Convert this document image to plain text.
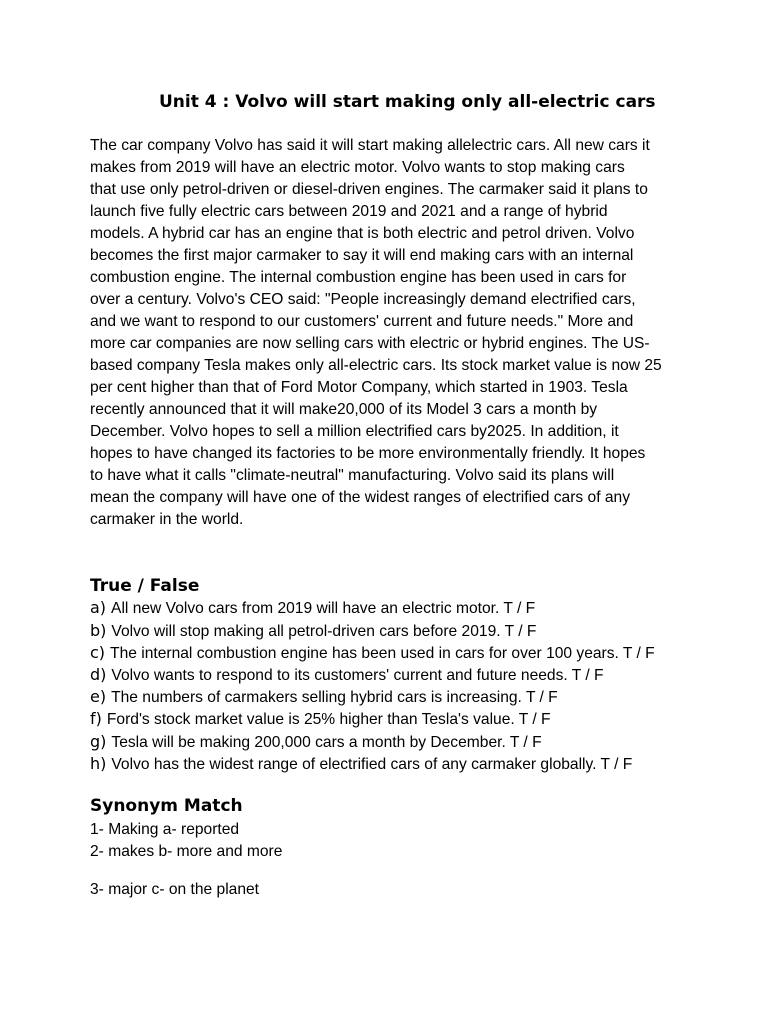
Unit 4 : Volvo will start making only all-electric cars

The car company Volvo has said it will start making allelectric cars. All new cars it

makes from 2019 will have an electric motor. Volvo wants to stop making cars

that use only petrol-driven or diesel-driven engines. The carmaker said it plans to

launch five fully electric cars between 2019 and 2021 and a range of hybrid

models. A hybrid car has an engine that is both electric and petrol driven. Volvo

becomes the first major carmaker to say it will end making cars with an internal

combustion engine. The internal combustion engine has been used in cars for

over a century. Volvo's CEO said: "People increasingly demand electrified cars,

and we want to respond to our customers' current and future needs." More and

more car companies are now selling cars with electric or hybrid engines. The US-

based company Tesla makes only all-electric cars. Its stock market value is now 25

per cent higher than that of Ford Motor Company, which started in 1903. Tesla

recently announced that it will make20,000 of its Model 3 cars a month by

December. Volvo hopes to sell a million electrified cars by2025. In addition, it

hopes to have changed its factories to be more environmentally friendly. It hopes

to have what it calls "climate-neutral" manufacturing. Volvo said its plans will

mean the company will have one of the widest ranges of electrified cars of any

carmaker in the world.

True / False
a) All new Volvo cars from 2019 will have an electric motor. T / F
b) Volvo will stop making all petrol-driven cars before 2019. T / F
c) The internal combustion engine has been used in cars for over 100 years. T / F
d) Volvo wants to respond to its customers' current and future needs. T / F
e) The numbers of carmakers selling hybrid cars is increasing. T / F
f) Ford's stock market value is 25% higher than Tesla's value. T / F
g) Tesla will be making 200,000 cars a month by December. T / F
h) Volvo has the widest range of electrified cars of any carmaker globally. T / F
Synonym Match
1- Making a- reported
2- makes b- more and more
3- major c- on the planet
